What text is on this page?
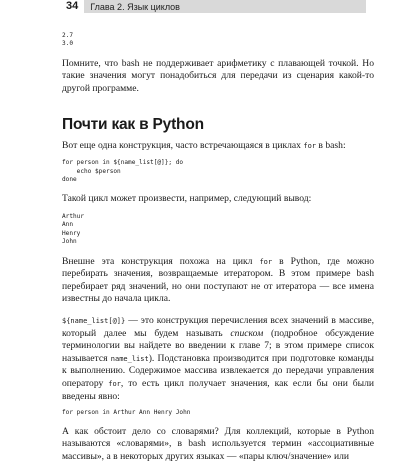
34 Глава 2. Язык циклов
2.7
3.0

Помните, что bash не поддерживает арифметику с плавающей точкой. Но такие значения могут понадобиться для передачи из сценария какой-то другой программе.

Почти как в Python

Вот еще одна конструкция, часто встречающаяся в циклах for в bash:

for person in ${name_list[@]}; do
echo $person
done

Такой цикл может произвести, например, следующий вывод:

Arthur
Ann
Henry
John

Внешне эта конструкция похожа на цикл for в Python, где можно перебирать значения, возвращаемые итератором. В этом примере bash перебирает ряд значений, но они поступают не от итератора — все имена известны до начала цикла.

${name_list[@]} — это конструкция перечисления всех значений в массиве, который далее мы будем называть списком (подробное обсуждение терминологии вы найдете во введении к главе 7; в этом примере список называется name_list). Подстановка производится при подготовке команды к выполнению. Содержимое массива извлекается до передачи управления оператору for, то есть цикл получает значения, как если бы они были введены явно:

for person in Arthur Ann Henry John

А как обстоит дело со словарями? Для коллекций, которые в Python называются «словарями», в bash используется термин «ассоциативные массивы», а в некоторых других языках — «пары ключ/значение» или
